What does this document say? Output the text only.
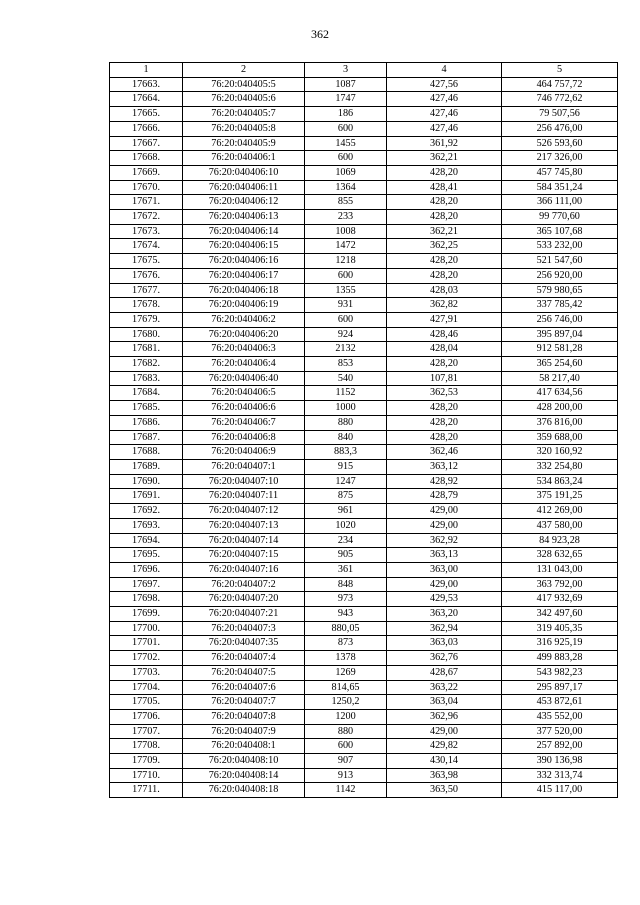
362
1	2	3	4	5
17663.	76:20:040405:5	1087	427,56	464 757,72
17664.	76:20:040405:6	1747	427,46	746 772,62
17665.	76:20:040405:7	186	427,46	79 507,56
17666.	76:20:040405:8	600	427,46	256 476,00
17667.	76:20:040405:9	1455	361,92	526 593,60
17668.	76:20:040406:1	600	362,21	217 326,00
17669.	76:20:040406:10	1069	428,20	457 745,80
17670.	76:20:040406:11	1364	428,41	584 351,24
17671.	76:20:040406:12	855	428,20	366 111,00
17672.	76:20:040406:13	233	428,20	99 770,60
17673.	76:20:040406:14	1008	362,21	365 107,68
17674.	76:20:040406:15	1472	362,25	533 232,00
17675.	76:20:040406:16	1218	428,20	521 547,60
17676.	76:20:040406:17	600	428,20	256 920,00
17677.	76:20:040406:18	1355	428,03	579 980,65
17678.	76:20:040406:19	931	362,82	337 785,42
17679.	76:20:040406:2	600	427,91	256 746,00
17680.	76:20:040406:20	924	428,46	395 897,04
17681.	76:20:040406:3	2132	428,04	912 581,28
17682.	76:20:040406:4	853	428,20	365 254,60
17683.	76:20:040406:40	540	107,81	58 217,40
17684.	76:20:040406:5	1152	362,53	417 634,56
17685.	76:20:040406:6	1000	428,20	428 200,00
17686.	76:20:040406:7	880	428,20	376 816,00
17687.	76:20:040406:8	840	428,20	359 688,00
17688.	76:20:040406:9	883,3	362,46	320 160,92
17689.	76:20:040407:1	915	363,12	332 254,80
17690.	76:20:040407:10	1247	428,92	534 863,24
17691.	76:20:040407:11	875	428,79	375 191,25
17692.	76:20:040407:12	961	429,00	412 269,00
17693.	76:20:040407:13	1020	429,00	437 580,00
17694.	76:20:040407:14	234	362,92	84 923,28
17695.	76:20:040407:15	905	363,13	328 632,65
17696.	76:20:040407:16	361	363,00	131 043,00
17697.	76:20:040407:2	848	429,00	363 792,00
17698.	76:20:040407:20	973	429,53	417 932,69
17699.	76:20:040407:21	943	363,20	342 497,60
17700.	76:20:040407:3	880,05	362,94	319 405,35
17701.	76:20:040407:35	873	363,03	316 925,19
17702.	76:20:040407:4	1378	362,76	499 883,28
17703.	76:20:040407:5	1269	428,67	543 982,23
17704.	76:20:040407:6	814,65	363,22	295 897,17
17705.	76:20:040407:7	1250,2	363,04	453 872,61
17706.	76:20:040407:8	1200	362,96	435 552,00
17707.	76:20:040407:9	880	429,00	377 520,00
17708.	76:20:040408:1	600	429,82	257 892,00
17709.	76:20:040408:10	907	430,14	390 136,98
17710.	76:20:040408:14	913	363,98	332 313,74
17711.	76:20:040408:18	1142	363,50	415 117,00
